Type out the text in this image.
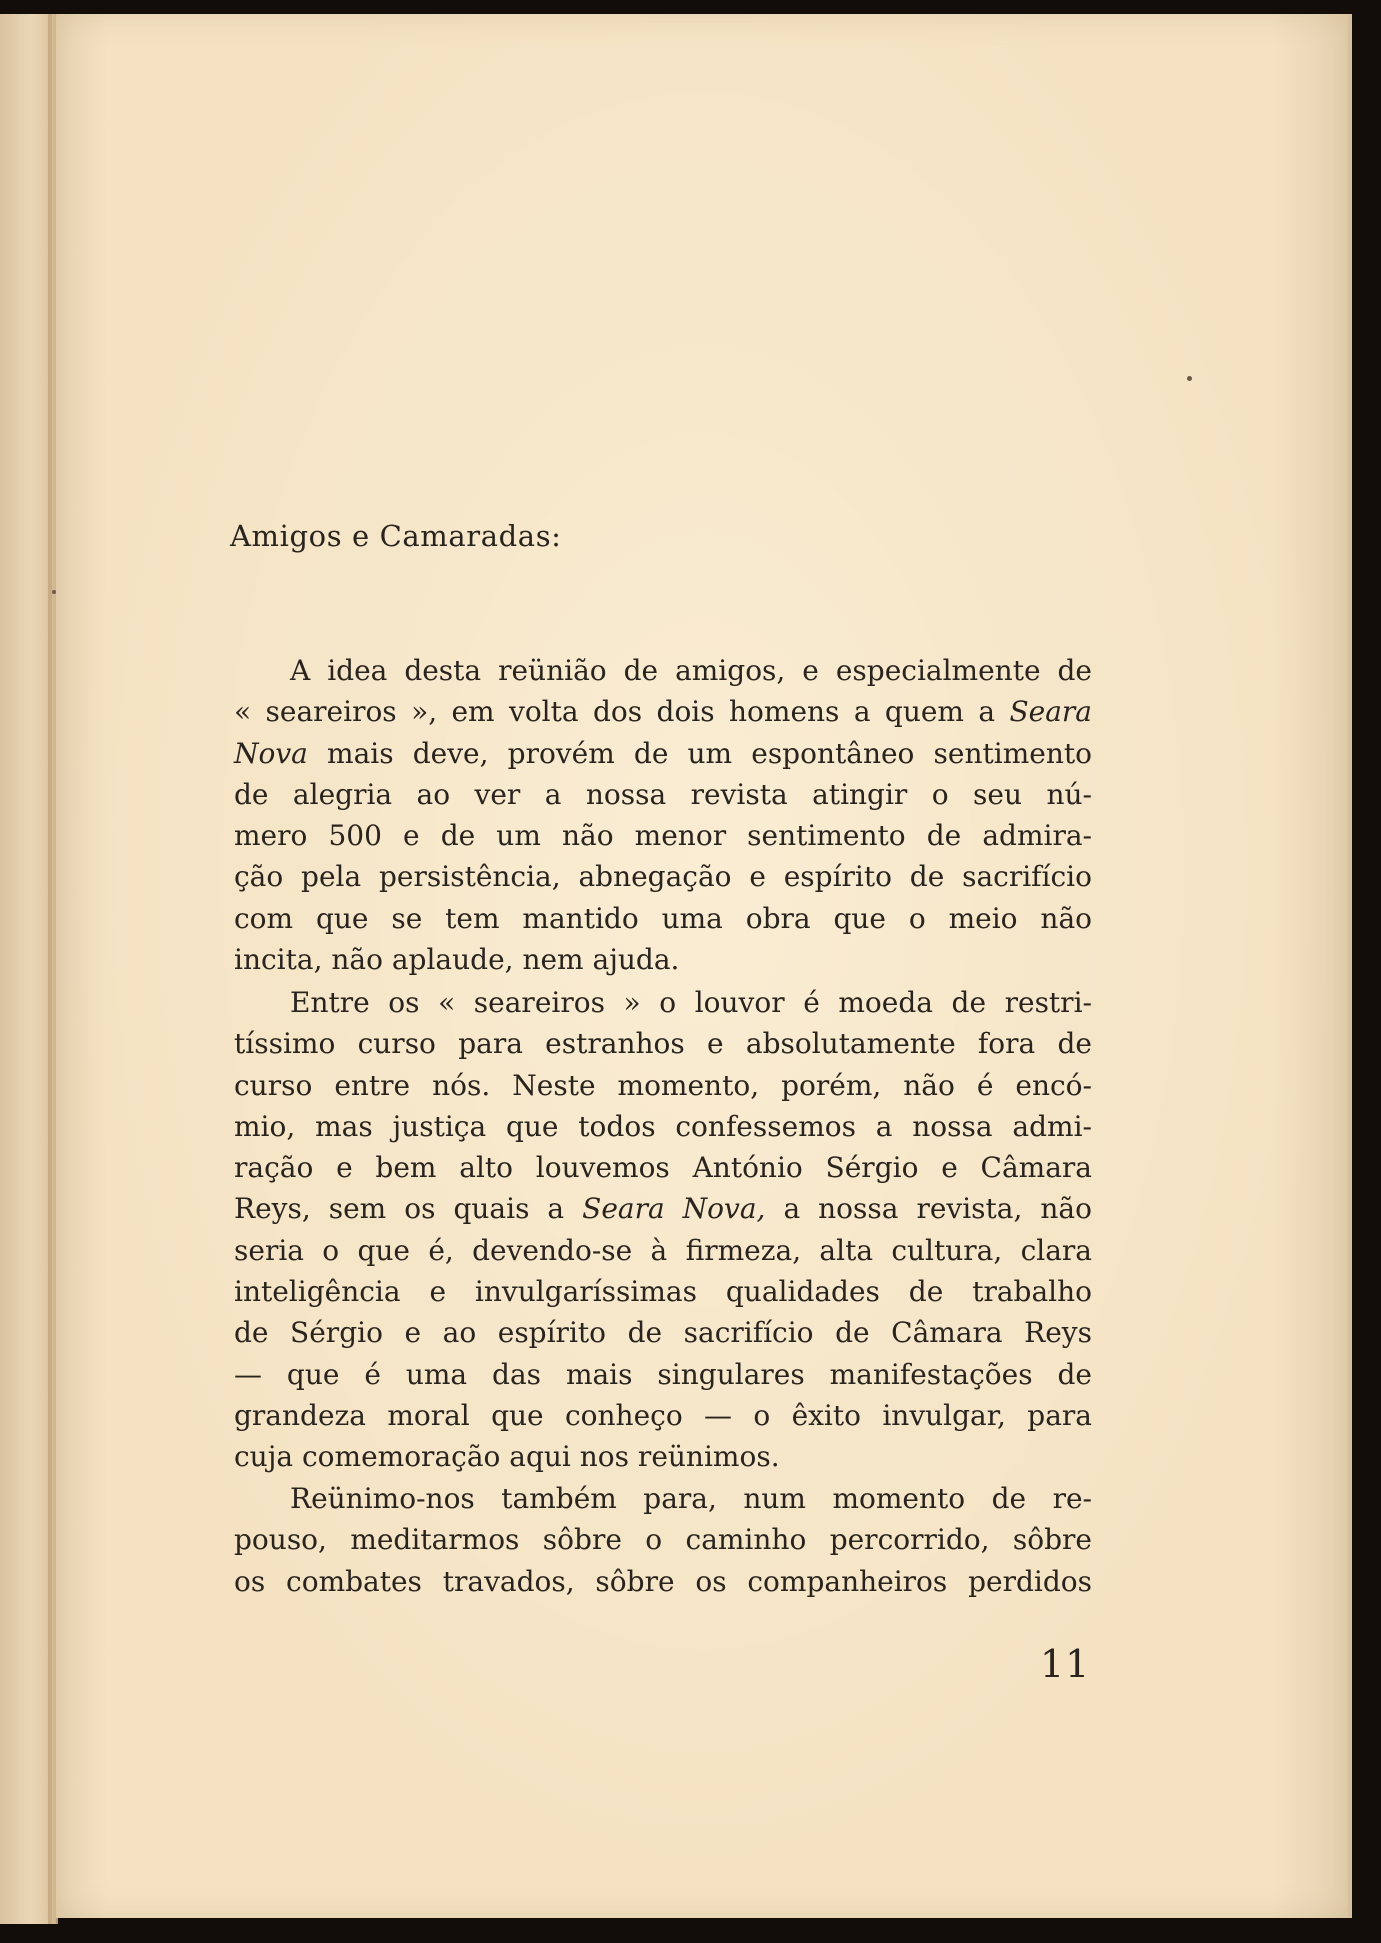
Amigos e Camaradas:
A idea desta reünião de amigos, e especialmente de
« seareiros », em volta dos dois homens a quem a Seara
Nova mais deve, provém de um espontâneo sentimento
de alegria ao ver a nossa revista atingir o seu nú-
mero 500 e de um não menor sentimento de admira-
ção pela persistência, abnegação e espírito de sacrifício
com que se tem mantido uma obra que o meio não
incita, não aplaude, nem ajuda.
Entre os « seareiros » o louvor é moeda de restri-
tíssimo curso para estranhos e absolutamente fora de
curso entre nós. Neste momento, porém, não é encó-
mio, mas justiça que todos confessemos a nossa admi-
ração e bem alto louvemos António Sérgio e Câmara
Reys, sem os quais a Seara Nova, a nossa revista, não
seria o que é, devendo-se à firmeza, alta cultura, clara
inteligência e invulgaríssimas qualidades de trabalho
de Sérgio e ao espírito de sacrifício de Câmara Reys
— que é uma das mais singulares manifestações de
grandeza moral que conheço — o êxito invulgar, para
cuja comemoração aqui nos reünimos.
Reünimo-nos também para, num momento de re-
pouso, meditarmos sôbre o caminho percorrido, sôbre
os combates travados, sôbre os companheiros perdidos
11
